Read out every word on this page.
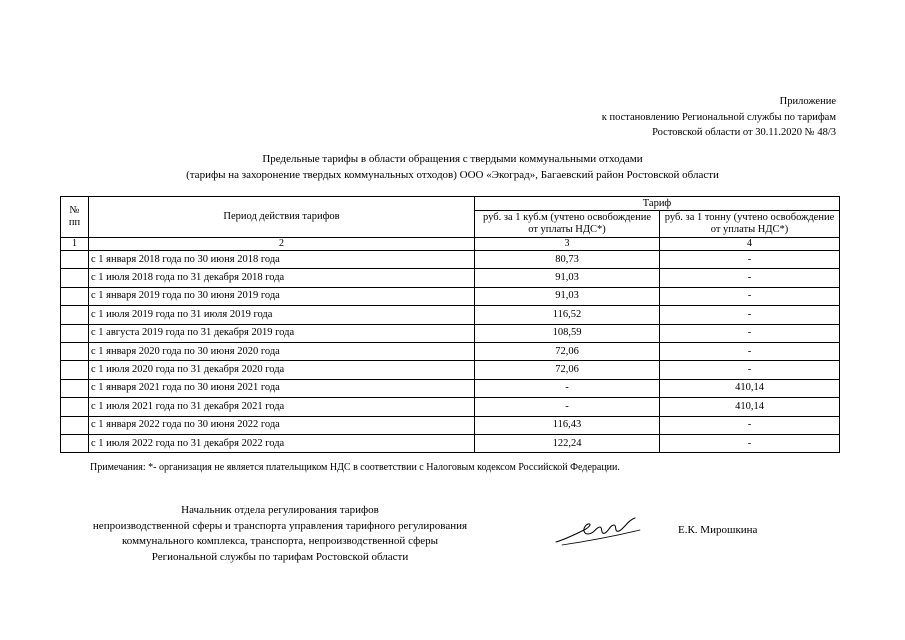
Приложение
к постановлению Региональной службы по тарифам
Ростовской области от 30.11.2020 № 48/3
Предельные тарифы в области обращения с твердыми коммунальными отходами
(тарифы на захоронение твердых коммунальных отходов) ООО «Экоград», Багаевский район Ростовской области
№
пп	Период действия тарифов	Тариф	
		руб. за 1 куб.м (учтено освобождение от уплаты НДС*)	руб. за 1 тонну (учтено освобождение от уплаты НДС*)
1	2	3	4
	с 1 января 2018 года по 30 июня 2018 года	80,73	-
	с 1 июля 2018 года по 31 декабря 2018 года	91,03	-
	с 1 января 2019 года по 30 июня 2019 года	91,03	-
	с 1 июля 2019 года по 31 июля 2019 года	116,52	-
	с 1 августа 2019 года по 31 декабря 2019 года	108,59	-
	с 1 января 2020 года по 30 июня 2020 года	72,06	-
	с 1 июля 2020 года по 31 декабря 2020 года	72,06	-
	с 1 января 2021 года по 30 июня 2021 года	-	410,14
	с 1 июля 2021 года по 31 декабря 2021 года	-	410,14
	с 1 января 2022 года по 30 июня 2022 года	116,43	-
	с 1 июля 2022 года по 31 декабря 2022 года	122,24	-
Примечания: *- организация не является плательщиком НДС в соответствии с Налоговым кодексом Российской Федерации.
Начальник отдела регулирования тарифов
непроизводственной сферы и транспорта управления тарифного регулирования
коммунального комплекса, транспорта, непроизводственной сферы
Региональной службы по тарифам Ростовской области
Е.К. Мирошкина
